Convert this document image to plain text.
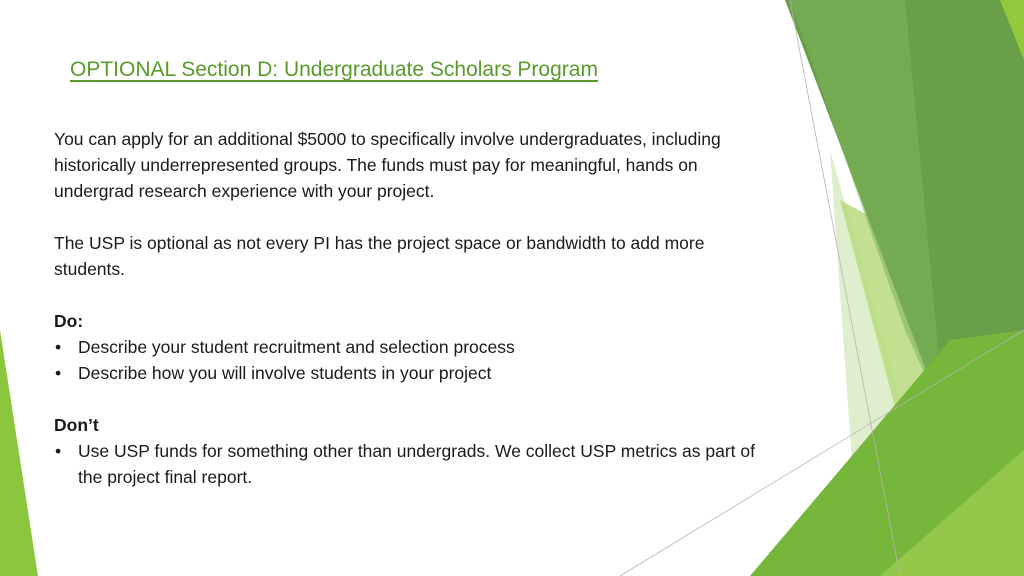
OPTIONAL Section D: Undergraduate Scholars Program

You can apply for an additional $5000 to specifically involve undergraduates, including historically underrepresented groups. The funds must pay for meaningful, hands on undergrad research experience with your project.

The USP is optional as not every PI has the project space or bandwidth to add more students.

Do:

• Describe your student recruitment and selection process
• Describe how you will involve students in your project

Don’t

• Use USP funds for something other than undergrads. We collect USP metrics as part of the project final report.
